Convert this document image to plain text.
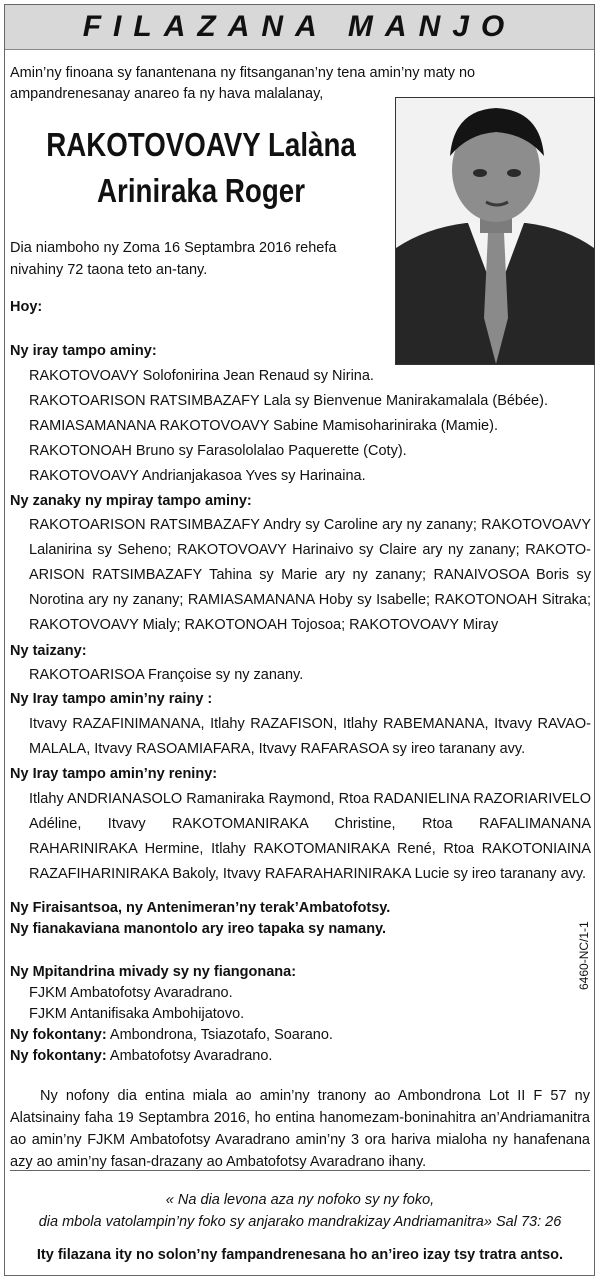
FILAZANA MANJO
Amin’ny finoana sy fanantenana ny fitsanganan’ny tena amin’ny maty no ampandrenesanay anareo fa ny hava malalanay,
RAKOTOVOAVY Lalàna
Ariniraka Roger
Dia niamboho ny Zoma 16 Septambra 2016 rehefa nivahiny 72 taona teto an-tany.
Hoy:
Ny iray tampo aminy:
RAKOTOVOAVY Solofonirina Jean Renaud sy Nirina.
RAKOTOARISON RATSIMBAZAFY Lala sy Bienvenue Manirakamalala (Bébée).
RAMIASAMANANA RAKOTOVOAVY Sabine Mamisohariniraka (Mamie).
RAKOTONOAH Bruno sy Farasololalao Paquerette (Coty).
RAKOTOVOAVY Andrianjakasoa Yves sy Harinaina.
Ny zanaky ny mpiray tampo aminy:
RAKOTOARISON RATSIMBAZAFY Andry sy Caroline ary ny zanany; RAKOTOVOAVY Lalanirina sy Seheno; RAKOTOVOAVY Harinaivo sy Claire ary ny zanany; RAKOTO-ARISON RATSIMBAZAFY Tahina sy Marie ary ny zanany; RANAIVOSOA Boris sy Norotina ary ny zanany; RAMIASAMANANA Hoby sy Isabelle; RAKOTONOAH Sitraka; RAKOTOVOAVY Mialy; RAKOTONOAH Tojosoa; RAKOTOVOAVY Miray
Ny taizany:
RAKOTOARISOA Françoise sy ny zanany.
Ny Iray tampo amin’ny rainy :
Itvavy RAZAFINIMANANA, Itlahy RAZAFISON, Itlahy RABEMANANA, Itvavy RAVAO-MALALA, Itvavy RASOAMIAFARA, Itvavy RAFARASOA sy ireo taranany avy.
Ny Iray tampo amin’ny reniny:
Itlahy ANDRIANASOLO Ramaniraka Raymond, Rtoa RADANIELINA RAZORIARIVELO Adéline, Itvavy RAKOTOMANIRAKA Christine, Rtoa RAFALIMANANA RAHARINIRAKA Hermine, Itlahy RAKOTOMANIRAKA René, Rtoa RAKOTONIAINA RAZAFIHARINIRAKA Bakoly, Itvavy RAFARAHARINIRAKA Lucie sy ireo taranany avy.
Ny Firaisantsoa, ny Antenimeran’ny terak’Ambatofotsy.
Ny fianakaviana manontolo ary ireo tapaka sy namany.
Ny Mpitandrina mivady sy ny fiangonana:
FJKM Ambatofotsy Avaradrano.
FJKM Antanifisaka Ambohijatovo.
Ny fokontany: Ambondrona, Tsiazotafo, Soarano.
Ny fokontany: Ambatofotsy Avaradrano.
6460-NC/1-1
Ny nofony dia entina miala ao amin’ny tranony ao Ambondrona Lot II F 57 ny Alatsinainy faha 19 Septambra 2016, ho entina hanomezam-boninahitra an’Andriamanitra ao amin’ny FJKM Ambatofotsy Avaradrano amin’ny 3 ora hariva mialoha ny hanafenana azy ao amin’ny fasan-drazany ao Ambatofotsy Avaradrano ihany.
« Na dia levona aza ny nofoko sy ny foko,
dia mbola vatolampin’ny foko sy anjarako mandrakizay Andriamanitra» Sal 73: 26
Ity filazana ity no solon’ny fampandrenesana ho an’ireo izay tsy tratra antso.
